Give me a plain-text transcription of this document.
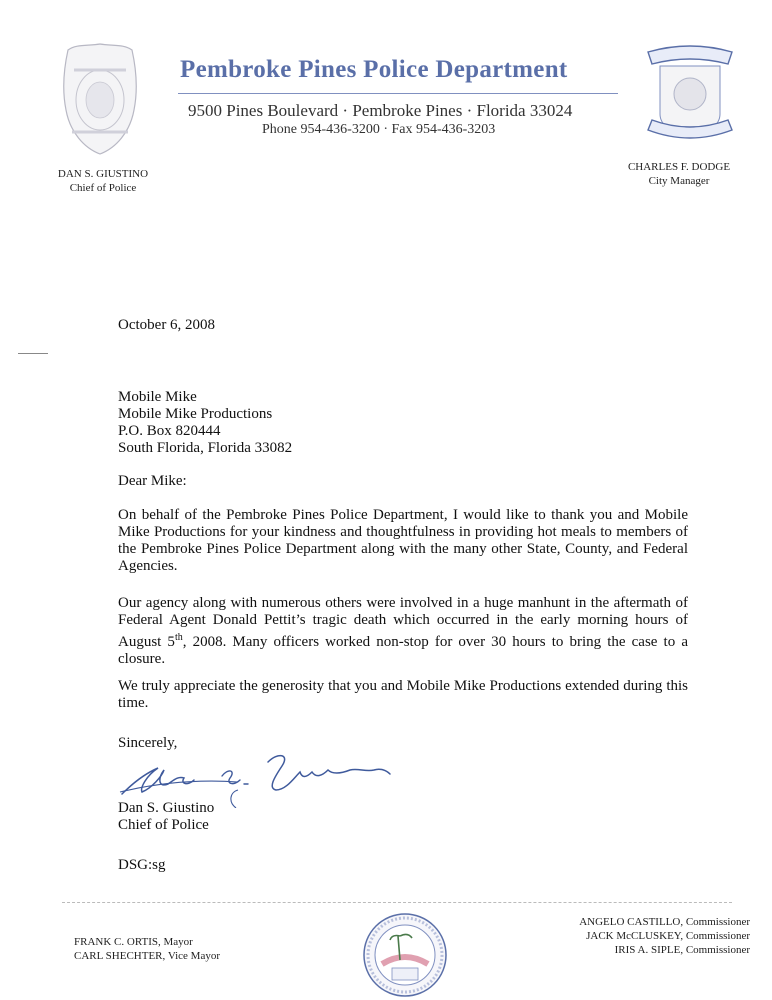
Pembroke Pines Police Department
9500 Pines Boulevard · Pembroke Pines · Florida 33024
Phone 954-436-3200 · Fax 954-436-3203
DAN S. GIUSTINO
Chief of Police
CHARLES F. DODGE
City Manager
October 6, 2008
Mobile Mike
Mobile Mike Productions
P.O. Box 820444
South Florida, Florida 33082
Dear Mike:
On behalf of the Pembroke Pines Police Department, I would like to thank you and Mobile Mike Productions for your kindness and thoughtfulness in providing hot meals to members of the Pembroke Pines Police Department along with the many other State, County, and Federal Agencies.
Our agency along with numerous others were involved in a huge manhunt in the aftermath of Federal Agent Donald Pettit’s tragic death which occurred in the early morning hours of August 5th, 2008. Many officers worked non-stop for over 30 hours to bring the case to a closure.
We truly appreciate the generosity that you and Mobile Mike Productions extended during this time.
Sincerely,
Dan S. Giustino
Chief of Police
DSG:sg
FRANK C. ORTIS, Mayor
CARL SHECHTER, Vice Mayor
ANGELO CASTILLO, Commissioner
JACK McCLUSKEY, Commissioner
IRIS A. SIPLE, Commissioner
